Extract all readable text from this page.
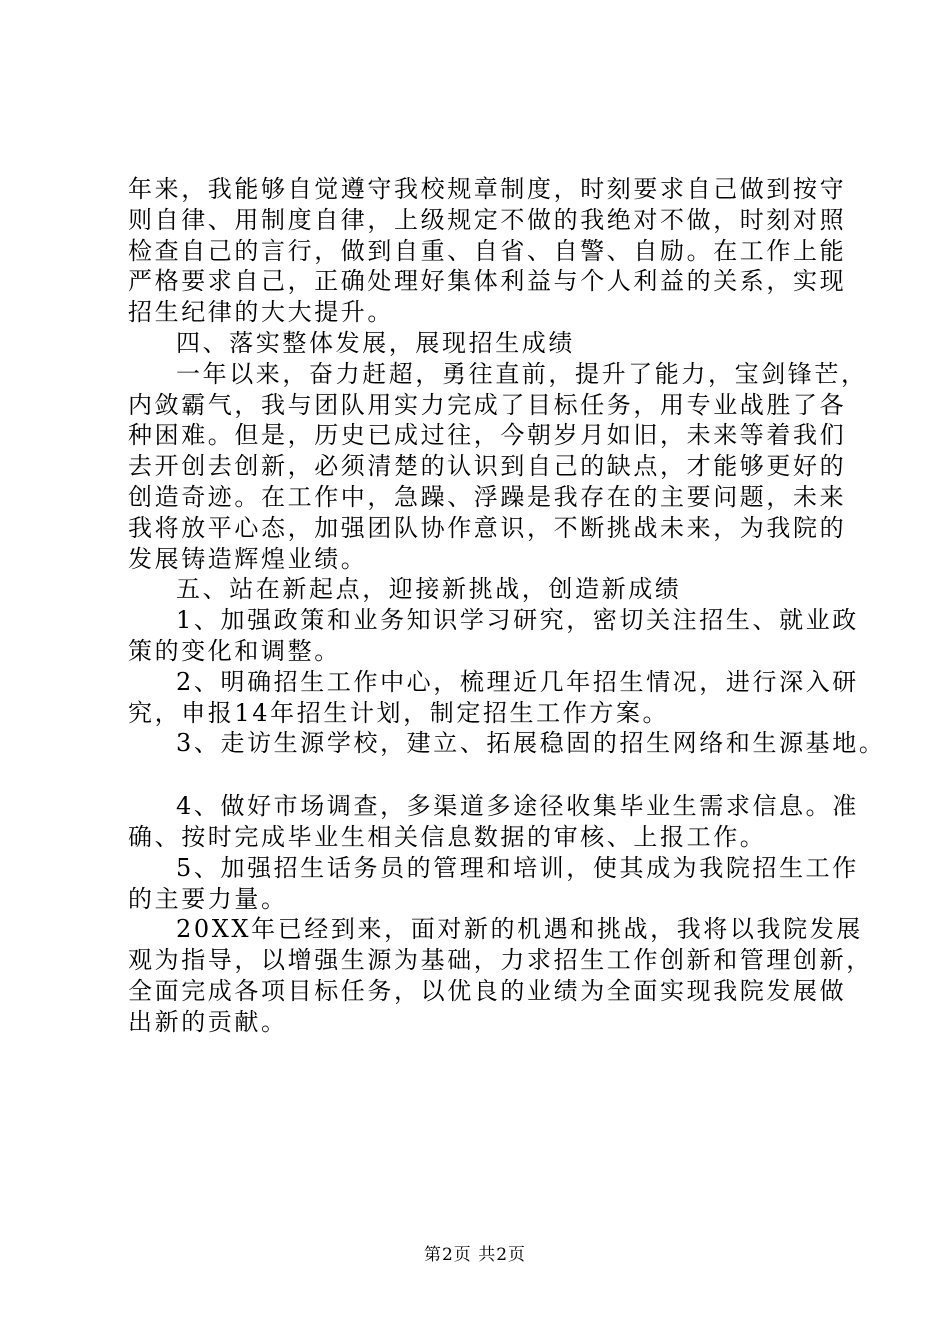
年来，我能够自觉遵守我校规章制度，时刻要求自己做到按守
则自律、用制度自律，上级规定不做的我绝对不做，时刻对照
检查自己的言行，做到自重、自省、自警、自励。在工作上能
严格要求自己，正确处理好集体利益与个人利益的关系，实现
招生纪律的大大提升。

四、落实整体发展，展现招生成绩

一年以来，奋力赶超，勇往直前，提升了能力，宝剑锋芒，
内敛霸气，我与团队用实力完成了目标任务，用专业战胜了各
种困难。但是，历史已成过往，今朝岁月如旧，未来等着我们
去开创去创新，必须清楚的认识到自己的缺点，才能够更好的
创造奇迹。在工作中，急躁、浮躁是我存在的主要问题，未来
我将放平心态，加强团队协作意识，不断挑战未来，为我院的
发展铸造辉煌业绩。

五、站在新起点，迎接新挑战，创造新成绩

1、加强政策和业务知识学习研究，密切关注招生、就业政
策的变化和调整。

2、明确招生工作中心，梳理近几年招生情况，进行深入研
究，申报14年招生计划，制定招生工作方案。

3、走访生源学校，建立、拓展稳固的招生网络和生源基地。

4、做好市场调查，多渠道多途径收集毕业生需求信息。准
确、按时完成毕业生相关信息数据的审核、上报工作。

5、加强招生话务员的管理和培训，使其成为我院招生工作
的主要力量。

20XX年已经到来，面对新的机遇和挑战，我将以我院发展
观为指导，以增强生源为基础，力求招生工作创新和管理创新，
全面完成各项目标任务，以优良的业绩为全面实现我院发展做
出新的贡献。

第2页 共2页
